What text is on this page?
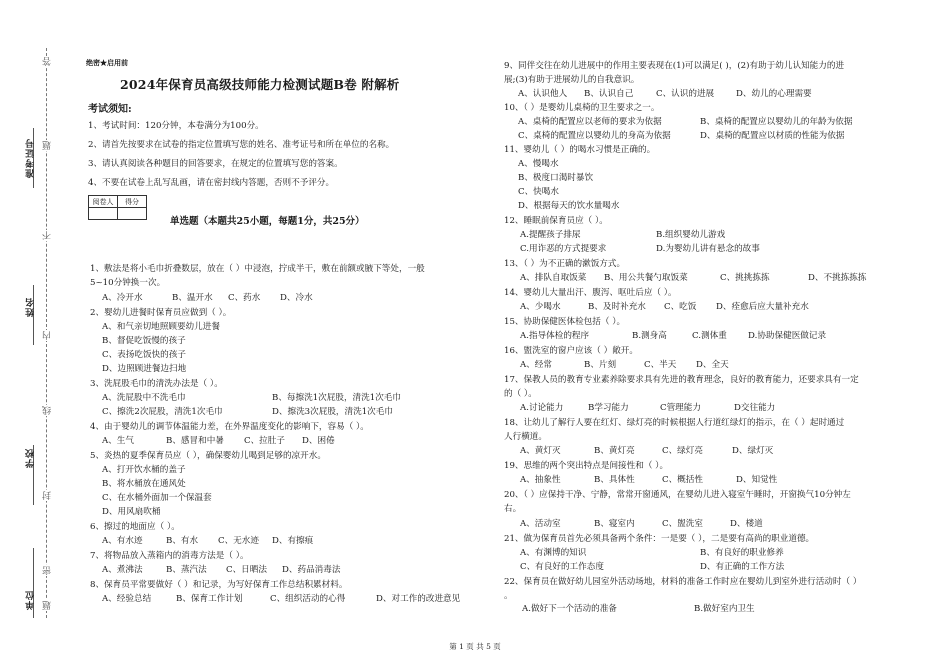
准考证号
姓名
学校
单位
答
题
不
内
线
封
密
题
绝密★启用前
2024年保育员高级技师能力检测试题B卷 附解析
考试须知:
1、考试时间：120分钟，本卷满分为100分。
2、请首先按要求在试卷的指定位置填写您的姓名、准考证号和所在单位的名称。
3、请认真阅读各种题目的回答要求，在规定的位置填写您的答案。
4、不要在试卷上乱写乱画，请在密封线内答题，否则不予评分。
阅卷人	得分

单选题（本题共25小题，每题1分，共25分）
1、敷法是将小毛巾折叠数层，放在（ ）中浸泡，拧成半干，敷在前额或腋下等处，一般
5~10分钟换一次。
A、冷开水	B、温开水 C、药水 D、冷水
2、婴幼儿进餐时保育员应做到（ ）。
A、和气亲切地照顾要幼儿进餐
B、督促吃饭慢的孩子
C、表扬吃饭快的孩子
D、边照顾进餐边扫地
3、洗屁股毛巾的清洗办法是（ ）。
A、洗屁股中不洗毛巾	B、每擦洗1次屁股，清洗1次毛巾
C、擦洗2次屁股，清洗1次毛巾	D、擦洗3次屁股，清洗1次毛巾
4、由于婴幼儿的调节体温能力差，在外界温度变化的影响下，容易（ ）。
A、生气	B、感冒和中暑 C、拉肚子 D、困倦
5、炎热的夏季保育员应（ ），确保婴幼儿喝到足够的凉开水。
A、打开饮水桶的盖子
B、将水桶放在通风处
C、在水桶外面加一个保温套
D、用风扇吹桶
6、擦过的地面应（ ）。
A、有水迹	B、有水 C、无水迹 D、有擦痕
7、将物品放入蒸箱内的消毒方法是（ ）。
A、煮沸法	B、蒸汽法 C、日晒法 D、药品消毒法
8、保育员平常要做好（ ）和记录，为写好保育工作总结积累材料。
A、经验总结	B、保育工作计划	C、组织活动的心得	D、对工作的改进意见
9、同伴交往在幼儿进展中的作用主要表现在(1)可以满足( )，(2)有助于幼儿认知能力的进
展;(3)有助于进展幼儿的自我意识。
A、认识他人 B、认识自己	C、认识的进展	D、幼儿的心理需要
10、（ ）是婴幼儿桌椅的卫生要求之一。
A、桌椅的配置应以老师的要求为依据	B、桌椅的配置应以婴幼儿的年龄为依据
C、桌椅的配置应以婴幼儿的身高为依据	D、桌椅的配置应以材质的性能为依据
11、婴幼儿（ ）的喝水习惯是正确的。
A、慢喝水
B、极度口渴时暴饮
C、快喝水
D、根据每天的饮水量喝水
12、睡眠前保育员应（ ）。
A.提醒孩子排尿	B.组织婴幼儿游戏
C.用诈恶的方式提要求	D.为婴幼儿讲有悬念的故事
13、（ ）为不正确的漱饭方式。
A、排队自取饭菜 B、用公共餐勺取饭菜	C、挑挑拣拣	D、不挑拣拣拣
14、婴幼儿大量出汗、腹泻、呕吐后应（ ）。
A、少喝水	B、及时补充水 C、吃饭 D、痊愈后应大量补充水
15、协助保健医体检包括（ ）。
A.指导体检的程序	B.测身高	C.测体重 D.协助保健医做记录
16、盥洗室的窗户应该（ ）敞开。
A、经常	B、片刻	C、半天 D、全天
17、保教人员的教育专业素养除要求具有先进的教育理念，良好的教育能力，还要求具有一定
的（ ）。
A.讨论能力	B学习能力	C管理能力	D交往能力
18、让幼儿了解行人要在红灯、绿灯亮的时候根据人行道红绿灯的指示，在（ ）起时通过
人行横道。
A、黄灯灭	B、黄灯亮	C、绿灯亮	D、绿灯灭
19、思维的两个突出特点是间接性和（ ）。
A、抽象性	B、具体性	C、概括性	D、知觉性
20、（ ）应保持干净、宁静，常常开窗通风，在婴幼儿进入寝室午睡时，开窗换气10分钟左
右。
A、活动室	B、寝室内	C、盥洗室	D、楼道
21、做为保育员首先必须具备两个条件：一是要（ ），二是要有高尚的职业道德。
A、有渊博的知识	B、有良好的职业修养
C、有良好的工作态度	D、有正确的工作方法
22、保育员在做好幼儿园室外活动场地，材料的准备工作时应在婴幼儿到室外进行活动时（ ）
。
A.做好下一个活动的准备	B.做好室内卫生
第 1 页 共 5 页
